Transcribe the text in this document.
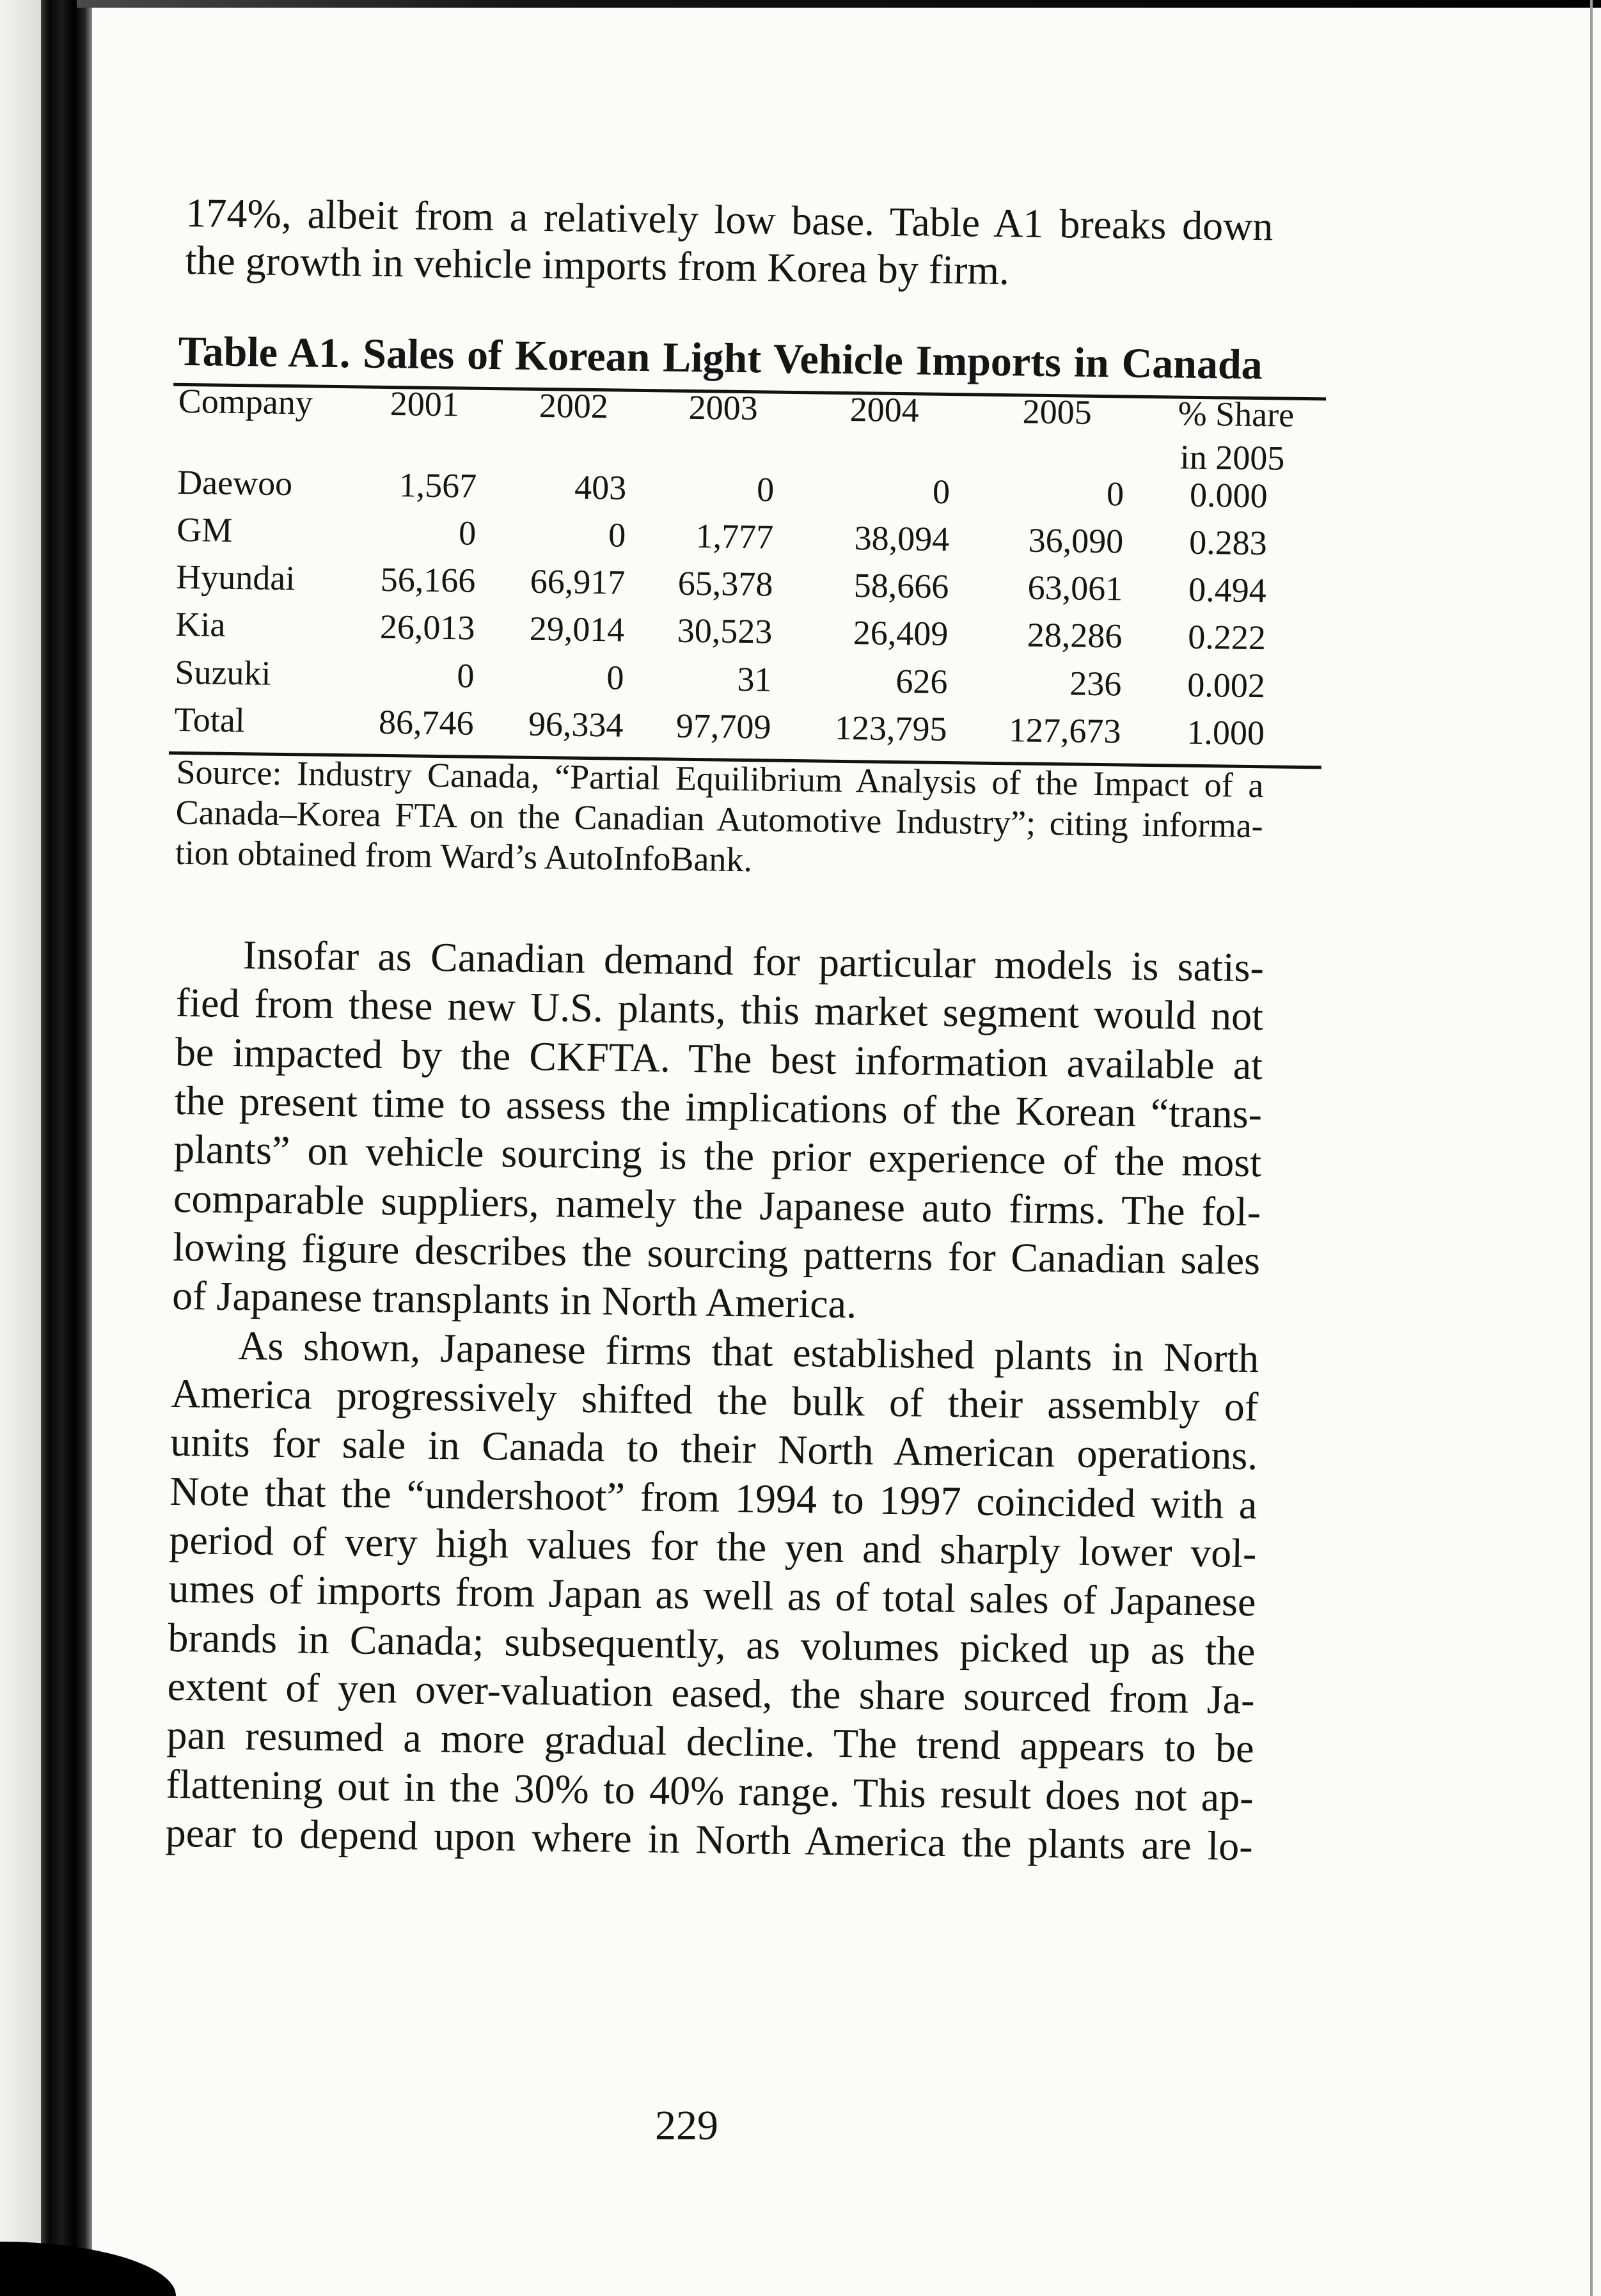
174%, albeit from a relatively low base. Table A1 breaks down
the growth in vehicle imports from Korea by firm.
Table A1. Sales of Korean Light Vehicle Imports in Canada
Company 2001 2002 2003	2004	2005 % Share
in 2005
Daewoo	1,567	403	0	0	0 0.000
GM	0	0	1,777	38,094	36,090 0.283
Hyundai	56,166	66,917	65,378	58,666	63,061 0.494
Kia	26,013	29,014	30,523	26,409	28,286 0.222
Suzuki	0	0	31	626	236 0.002
Total	86,746	96,334	97,709	123,795	127,673 1.000
Source: Industry Canada, “Partial Equilibrium Analysis of the Impact of a
Canada–Korea FTA on the Canadian Automotive Industry”; citing informa-
tion obtained from Ward’s AutoInfoBank.
Insofar as Canadian demand for particular models is satis-
fied from these new U.S. plants, this market segment would not
be impacted by the CKFTA. The best information available at
the present time to assess the implications of the Korean “trans-
plants” on vehicle sourcing is the prior experience of the most
comparable suppliers, namely the Japanese auto firms. The fol-
lowing figure describes the sourcing patterns for Canadian sales
of Japanese transplants in North America.
As shown, Japanese firms that established plants in North
America progressively shifted the bulk of their assembly of
units for sale in Canada to their North American operations.
Note that the “undershoot” from 1994 to 1997 coincided with a
period of very high values for the yen and sharply lower vol-
umes of imports from Japan as well as of total sales of Japanese
brands in Canada; subsequently, as volumes picked up as the
extent of yen over-valuation eased, the share sourced from Ja-
pan resumed a more gradual decline. The trend appears to be
flattening out in the 30% to 40% range. This result does not ap-
pear to depend upon where in North America the plants are lo-
229
